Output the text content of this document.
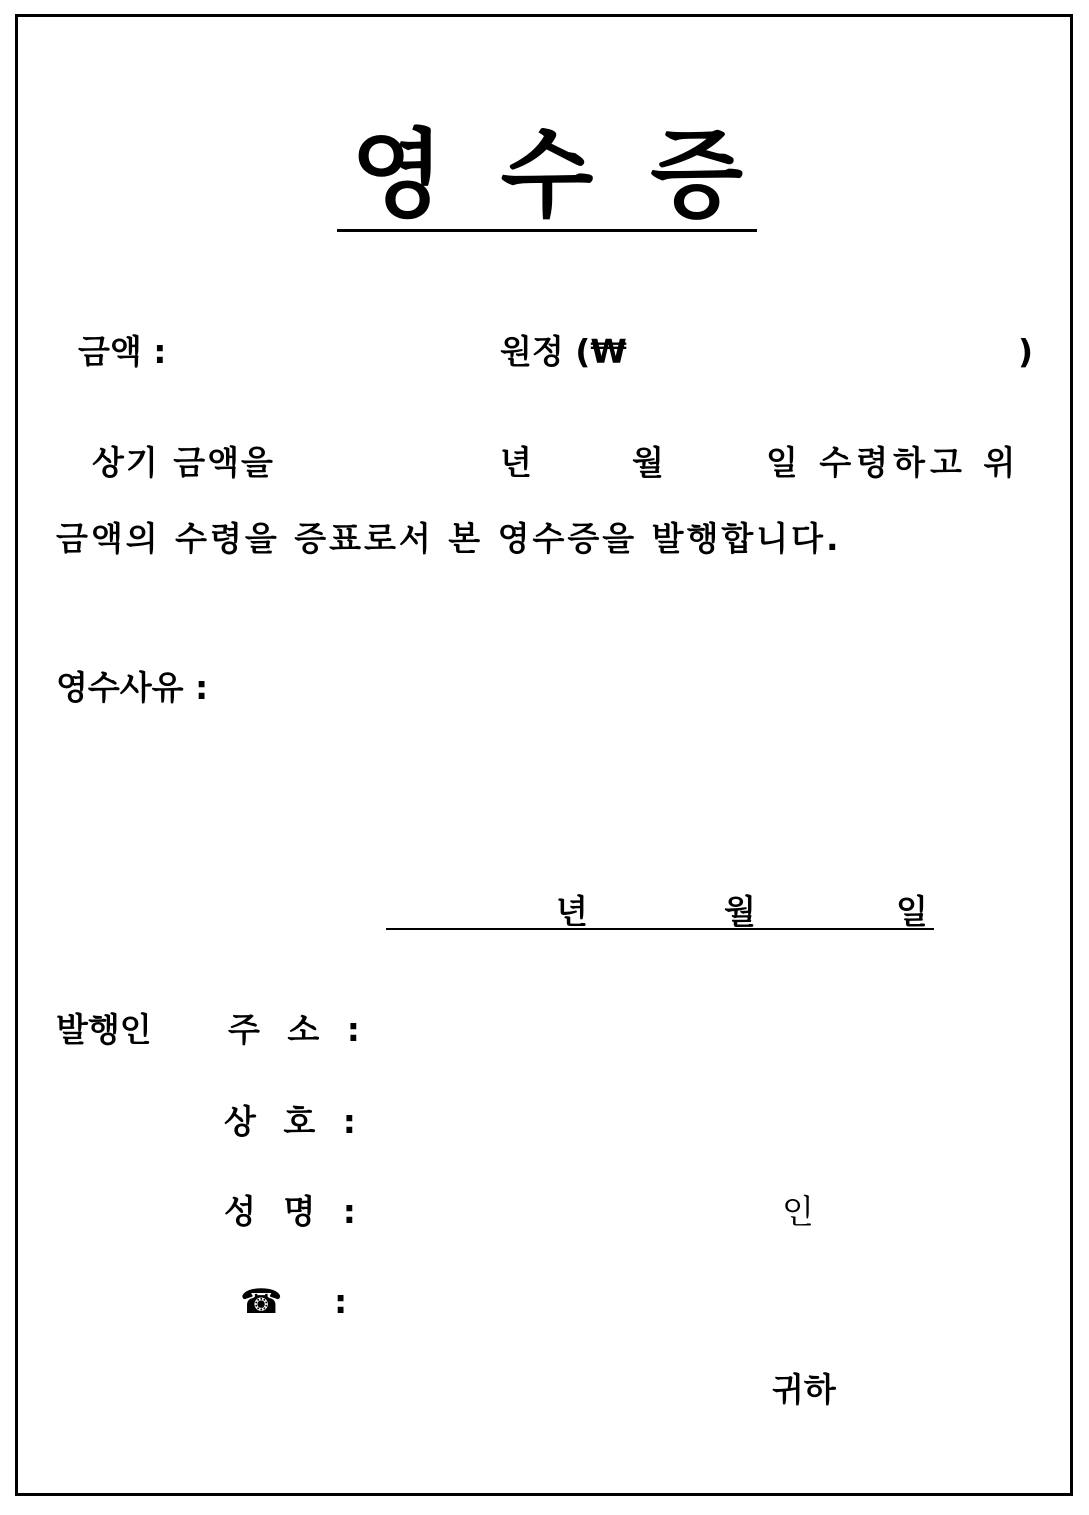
영 수 증
금액 :	원정 (₩	)
상기 금액을	년	월	일 수령하고 위
금액의 수령을 증표로서 본 영수증을 발행합니다.
영수사유 :
년	월	일
발행인 주 소 :
상 호 :
성 명 :	인
☎ :
귀하
